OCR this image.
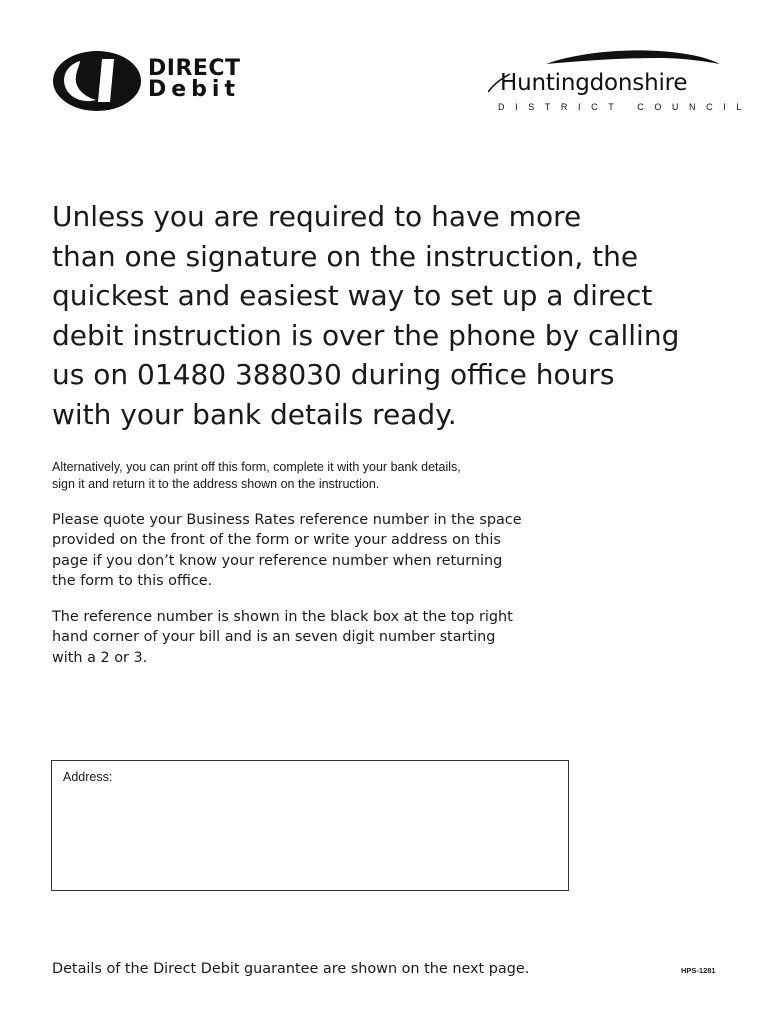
DIRECT
Debit	Huntingdonshire
DISTRICT COUNCIL
Unless you are required to have more
than one signature on the instruction, the
quickest and easiest way to set up a direct
debit instruction is over the phone by calling
us on 01480 388030 during office hours
with your bank details ready.

Alternatively, you can print off this form, complete it with your bank details,
sign it and return it to the address shown on the instruction.

Please quote your Business Rates reference number in the space
provided on the front of the form or write your address on this
page if you don’t know your reference number when returning
the form to this office.

The reference number is shown in the black box at the top right
hand corner of your bill and is an seven digit number starting
with a 2 or 3.

Address:
Details of the Direct Debit guarantee are shown on the next page.	HPS-1281
